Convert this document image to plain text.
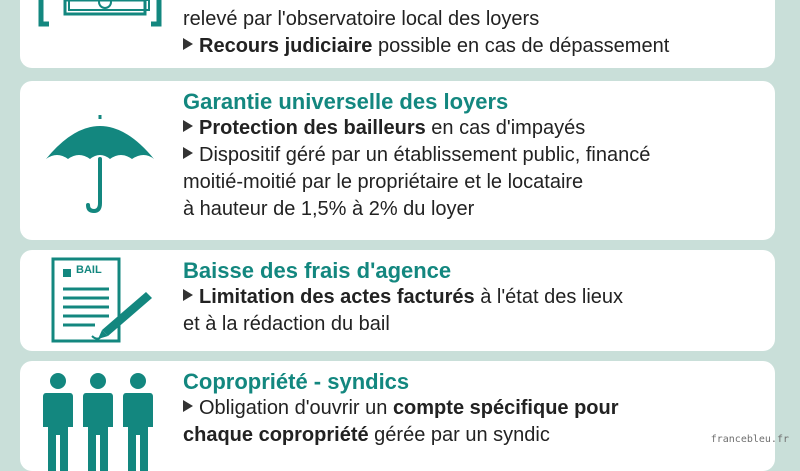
relevé par l'observatoire local des loyers
Recours judiciaire possible en cas de dépassement
Garantie universelle des loyers
Protection des bailleurs en cas d'impayés
Dispositif géré par un établissement public, financé
moitié-moitié par le propriétaire et le locataire
à hauteur de 1,5% à 2% du loyer
BAIL	Baisse des frais d'agence
Limitation des actes facturés à l'état des lieux
et à la rédaction du bail
Copropriété - syndics
Obligation d'ouvrir un compte spécifique pour
chaque copropriété gérée par un syndic	francebleu.fr
